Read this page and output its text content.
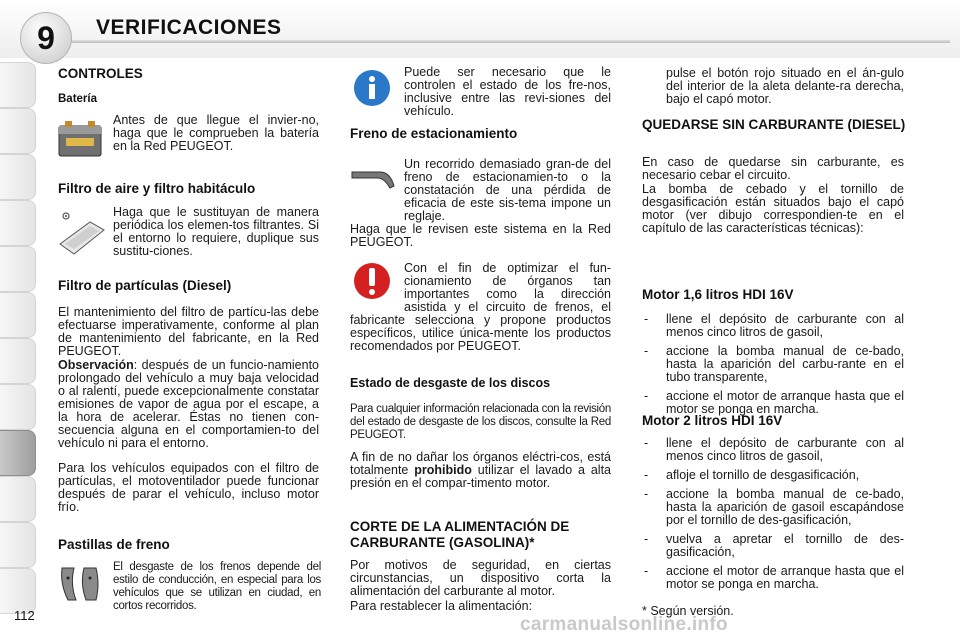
9 VERIFICACIONES
CONTROLES
Batería
Antes de que llegue el invier-no, haga que le comprueben la batería en la Red PEUGEOT.
Filtro de aire y filtro habitáculo
Haga que le sustituyan de manera periódica los elemen-tos filtrantes. Si el entorno lo requiere, duplique sus sustitu-ciones.
Filtro de partículas (Diesel)
El mantenimiento del filtro de partícu-las debe efectuarse imperativamente, conforme al plan de mantenimiento del fabricante, en la Red PEUGEOT.
Observación: después de un funcio-namiento prolongado del vehículo a muy baja velocidad o al ralentí, puede excepcionalmente constatar emisiones de vapor de agua por el escape, a la hora de acelerar. Éstas no tienen con-secuencia alguna en el comportamien-to del vehículo ni para el entorno.
Para los vehículos equipados con el filtro de partículas, el motoventilador puede funcionar después de parar el vehículo, incluso motor frío.
Pastillas de freno
El desgaste de los frenos depende del estilo de conducción, en especial para los vehículos que se utilizan en ciudad, en cortos recorridos.
Puede ser necesario que le controlen el estado de los fre-nos, inclusive entre las revi-siones del vehículo.
Freno de estacionamiento
Un recorrido demasiado gran-de del freno de estacionamien-to o la constatación de una pérdida de eficacia de este sis-tema impone un reglaje.
Haga que le revisen este sistema en la Red PEUGEOT.
Estado de desgaste de los discos
Para cualquier información relacionada con la revisión del estado de desgaste de los discos, consulte la Red PEUGEOT.
A fin de no dañar los órganos eléctri-cos, está totalmente prohibido utilizar el lavado a alta presión en el compar-timento motor.
CORTE DE LA ALIMENTACIÓN DE CARBURANTE (GASOLINA)*
Por motivos de seguridad, en ciertas circunstancias, un dispositivo corta la alimentación del carburante al motor.
Para restablecer la alimentación:
pulse el botón rojo situado en el án-gulo del interior de la aleta delante-ra derecha, bajo el capó motor.
QUEDARSE SIN CARBURANTE (DIESEL)
En caso de quedarse sin carburante, es necesario cebar el circuito.
La bomba de cebado y el tornillo de desgasificación están situados bajo el capó motor (ver dibujo correspondien-te en el capítulo de las características técnicas):
Motor 1,6 litros HDI 16V
- llene el depósito de carburante con al menos cinco litros de gasoil,
- accione la bomba manual de ce-bado, hasta la aparición del carbu-rante en el tubo transparente,
- accione el motor de arranque hasta que el motor se ponga en marcha.
Motor 2 litros HDI 16V
- llene el depósito de carburante con al menos cinco litros de gasoil,
- afloje el tornillo de desgasificación,
- accione la bomba manual de ce-bado, hasta la aparición de gasoil escapándose por el tornillo de des-gasificación,
- vuelva a apretar el tornillo de des-gasificación,
- accione el motor de arranque hasta que el motor se ponga en marcha.
* Según versión.
112	carmanualsonline.info
Con el fin de optimizar el fun-cionamiento de órganos tan importantes como la dirección asistida y el circuito de frenos, el fabricante selecciona y propone productos específicos, utilice única-mente los productos recomendados por PEUGEOT.
